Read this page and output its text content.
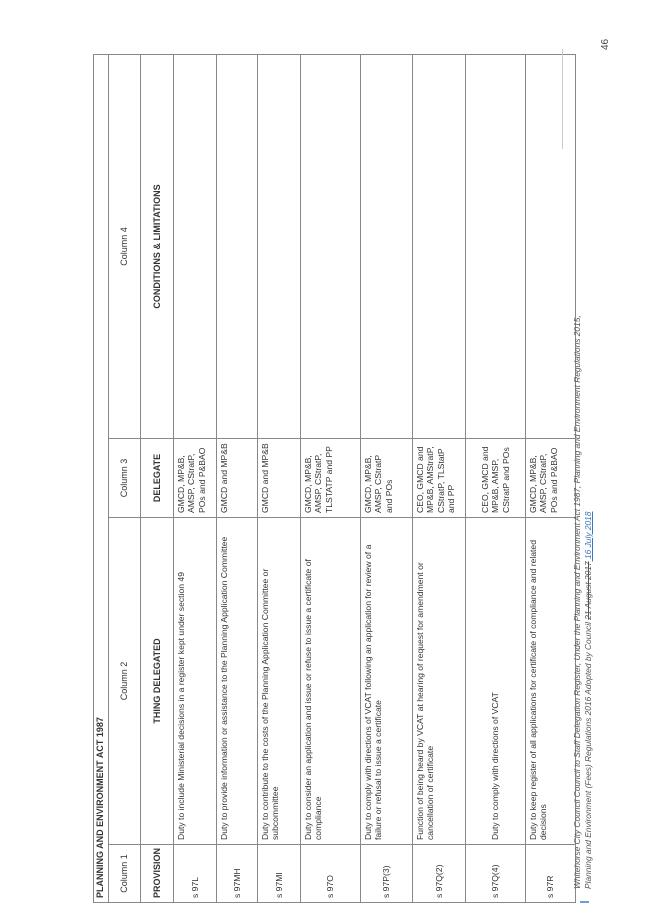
PLANNING AND ENVIRONMENT ACT 1987			
Column 1	Column 2	Column 3	Column 4
PROVISION	THING DELEGATED	DELEGATE	CONDITIONS & LIMITATIONS
s 97L	Duty to include Ministerial decisions in a register kept under section 49	GMCD, MP&B, AMSP, CStratP, POs and P&BAO	
s 97MH	Duty to provide information or assistance to the Planning Application Committee	GMCD and MP&B	
s 97MI	Duty to contribute to the costs of the Planning Application Committee or subcommittee	GMCD and MP&B	
s 97O	Duty to consider an application and issue or refuse to issue a certificate of compliance	GMCD, MP&B, AMSP, CStratP, TLSTATP and PP	
s 97P(3)	Duty to comply with directions of VCAT following an application for review of a failure or refusal to issue a certificate	GMCD, MP&B, AMSP, CStratP and POs	
s 97Q(2)	Function of being heard by VCAT at hearing of request for amendment or cancellation of certificate	CEO, GMCD and MP&B, AMStratP, CStratP, TLStatP and PP	
s 97Q(4)	Duty to comply with directions of VCAT	CEO, GMCD and MP&B, AMSP, CStratP and POs	
s 97R	Duty to keep register of all applications for certificate of compliance and related decisions	GMCD, MP&B, AMSP, CStratP, POs and P&BAO	Whitehorse City Council Council to Staff Delegation Register, Under the Planning and Environment Act 1987, Planning and Environment Regulations 2015, Planning and Environment (Fees) Regulations 2016 Adopted by Council 21 August 2017 16 July 2018
46
